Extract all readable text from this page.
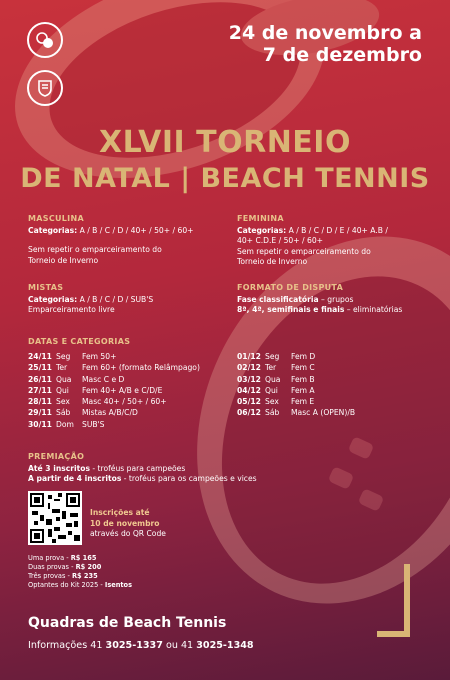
24 de novembro a
7 de dezembro
XLVII TORNEIO
DE NATAL | BEACH TENNIS
MASCULINA
Categorias: A / B / C / D / 40+ / 50+ / 60+
Sem repetir o emparceiramento do
Torneio de Inverno
FEMININA
Categorias: A / B / C / D / E / 40+ A.B /
40+ C.D.E / 50+ / 60+
Sem repetir o emparceiramento do
Torneio de Inverno
MISTAS
Categorias: A / B / C / D / SUB'S
Emparceiramento livre
FORMATO DE DISPUTA
Fase classificatória – grupos
8ª, 4ª, semifinais e finais – eliminatórias
DATAS E CATEGORIAS
24/11 Seg	Fem 50+
25/11 Ter	Fem 60+ (formato Relâmpago)
26/11 Qua	Masc C e D
27/11 Qui	Fem 40+ A/B e C/D/E
28/11 Sex	Masc 40+ / 50+ / 60+
29/11 Sáb	Mistas A/B/C/D
30/11 Dom	SUB'S
01/12 Seg	Fem D
02/12 Ter	Fem C
03/12 Qua	Fem B
04/12 Qui	Fem A
05/12 Sex	Fem E
06/12 Sáb	Masc A (OPEN)/B
PREMIAÇÃO
Até 3 inscritos - troféus para campeões
A partir de 4 inscritos - troféus para os campeões e vices
Inscrições até
10 de novembro
através do QR Code
Uma prova - R$ 165
Duas provas - R$ 200
Três provas - R$ 235
Optantes do Kit 2025 - Isentos
Quadras de Beach Tennis
Informações 41 3025-1337 ou 41 3025-1348
